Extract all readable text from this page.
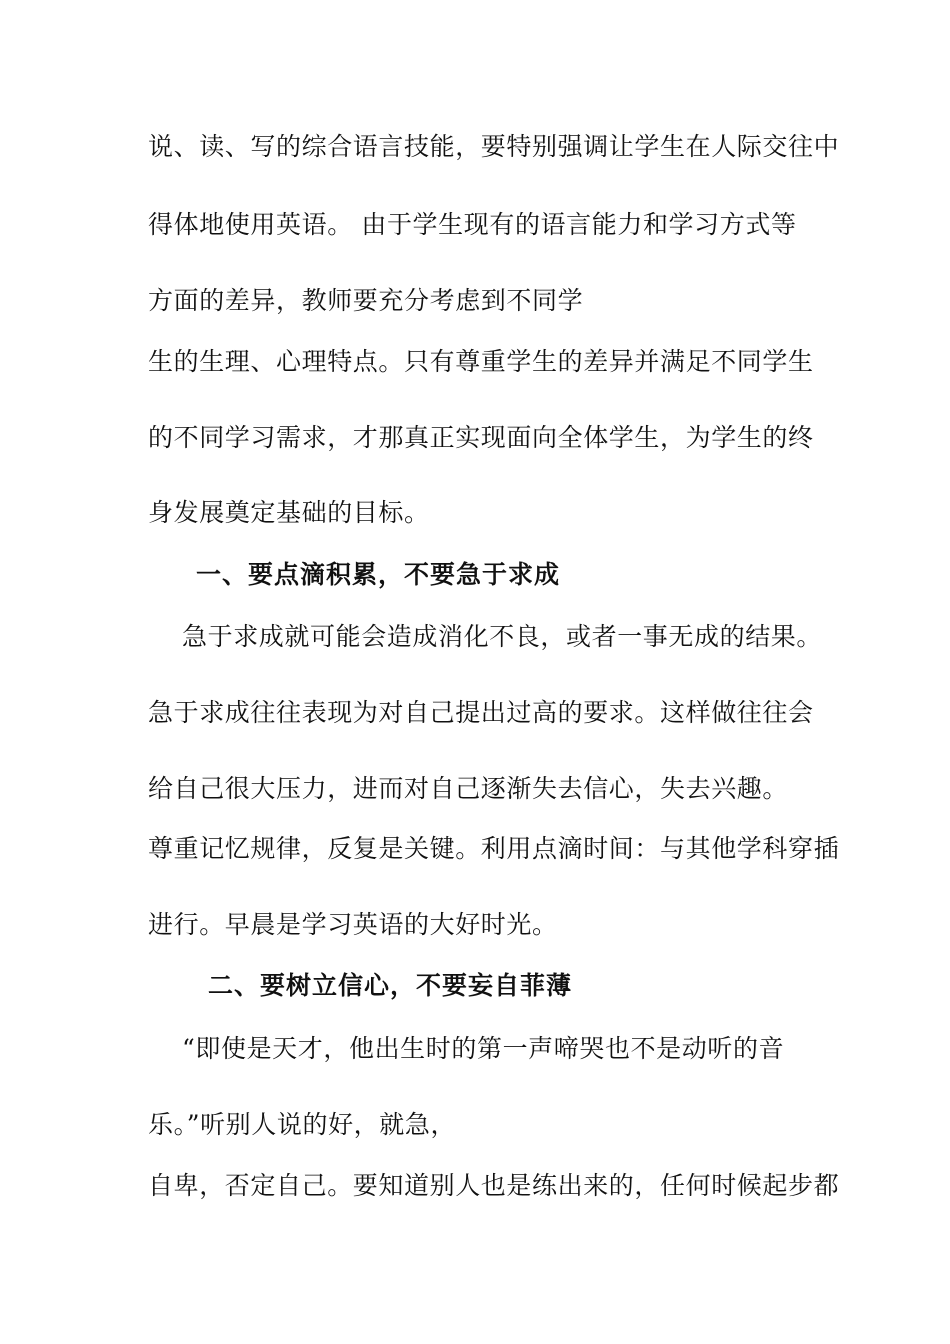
说、读、写的综合语言技能，要特别强调让学生在人际交往中
得体地使用英语。 由于学生现有的语言能力和学习方式等
方面的差异，教师要充分考虑到不同学
生的生理、心理特点。只有尊重学生的差异并满足不同学生
的不同学习需求，才那真正实现面向全体学生，为学生的终
身发展奠定基础的目标。
一、要点滴积累，不要急于求成
急于求成就可能会造成消化不良，或者一事无成的结果。
急于求成往往表现为对自己提出过高的要求。这样做往往会
给自己很大压力，进而对自己逐渐失去信心，失去兴趣。
尊重记忆规律，反复是关键。利用点滴时间：与其他学科穿插
进行。早晨是学习英语的大好时光。
二、要树立信心，不要妄自菲薄
“即使是天才，他出生时的第一声啼哭也不是动听的音
乐。”听别人说的好，就急，
自卑，否定自己。要知道别人也是练出来的，任何时候起步都
